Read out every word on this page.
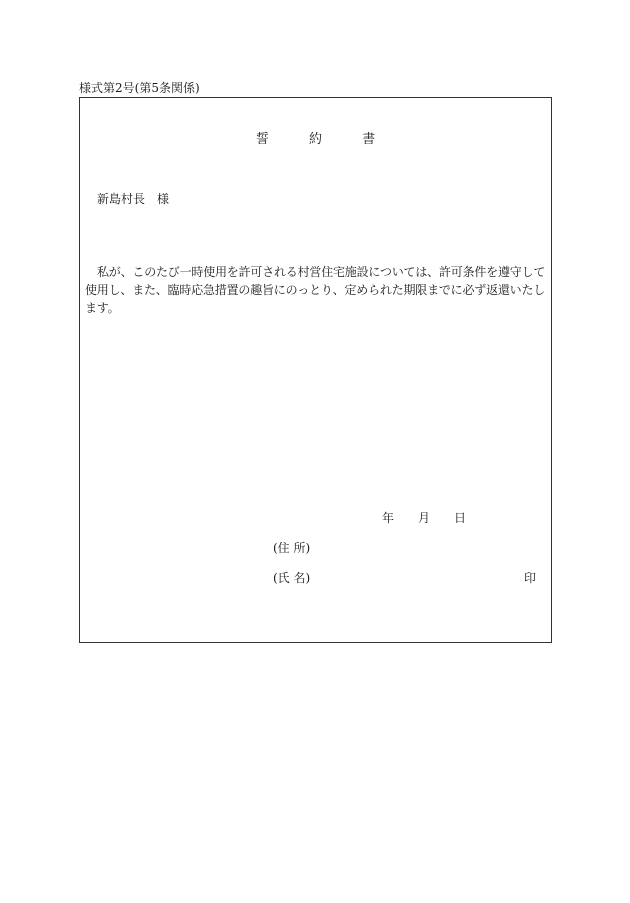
様式第2号(第5条関係)
誓	約	書
新島村長 様
私が、このたび一時使用を許可される村営住宅施設については、許可条件を遵守して使用し、また、臨時応急措置の趣旨にのっとり、定められた期限までに必ず返還いたします。
年 月 日
(住 所)
(氏 名)	印
